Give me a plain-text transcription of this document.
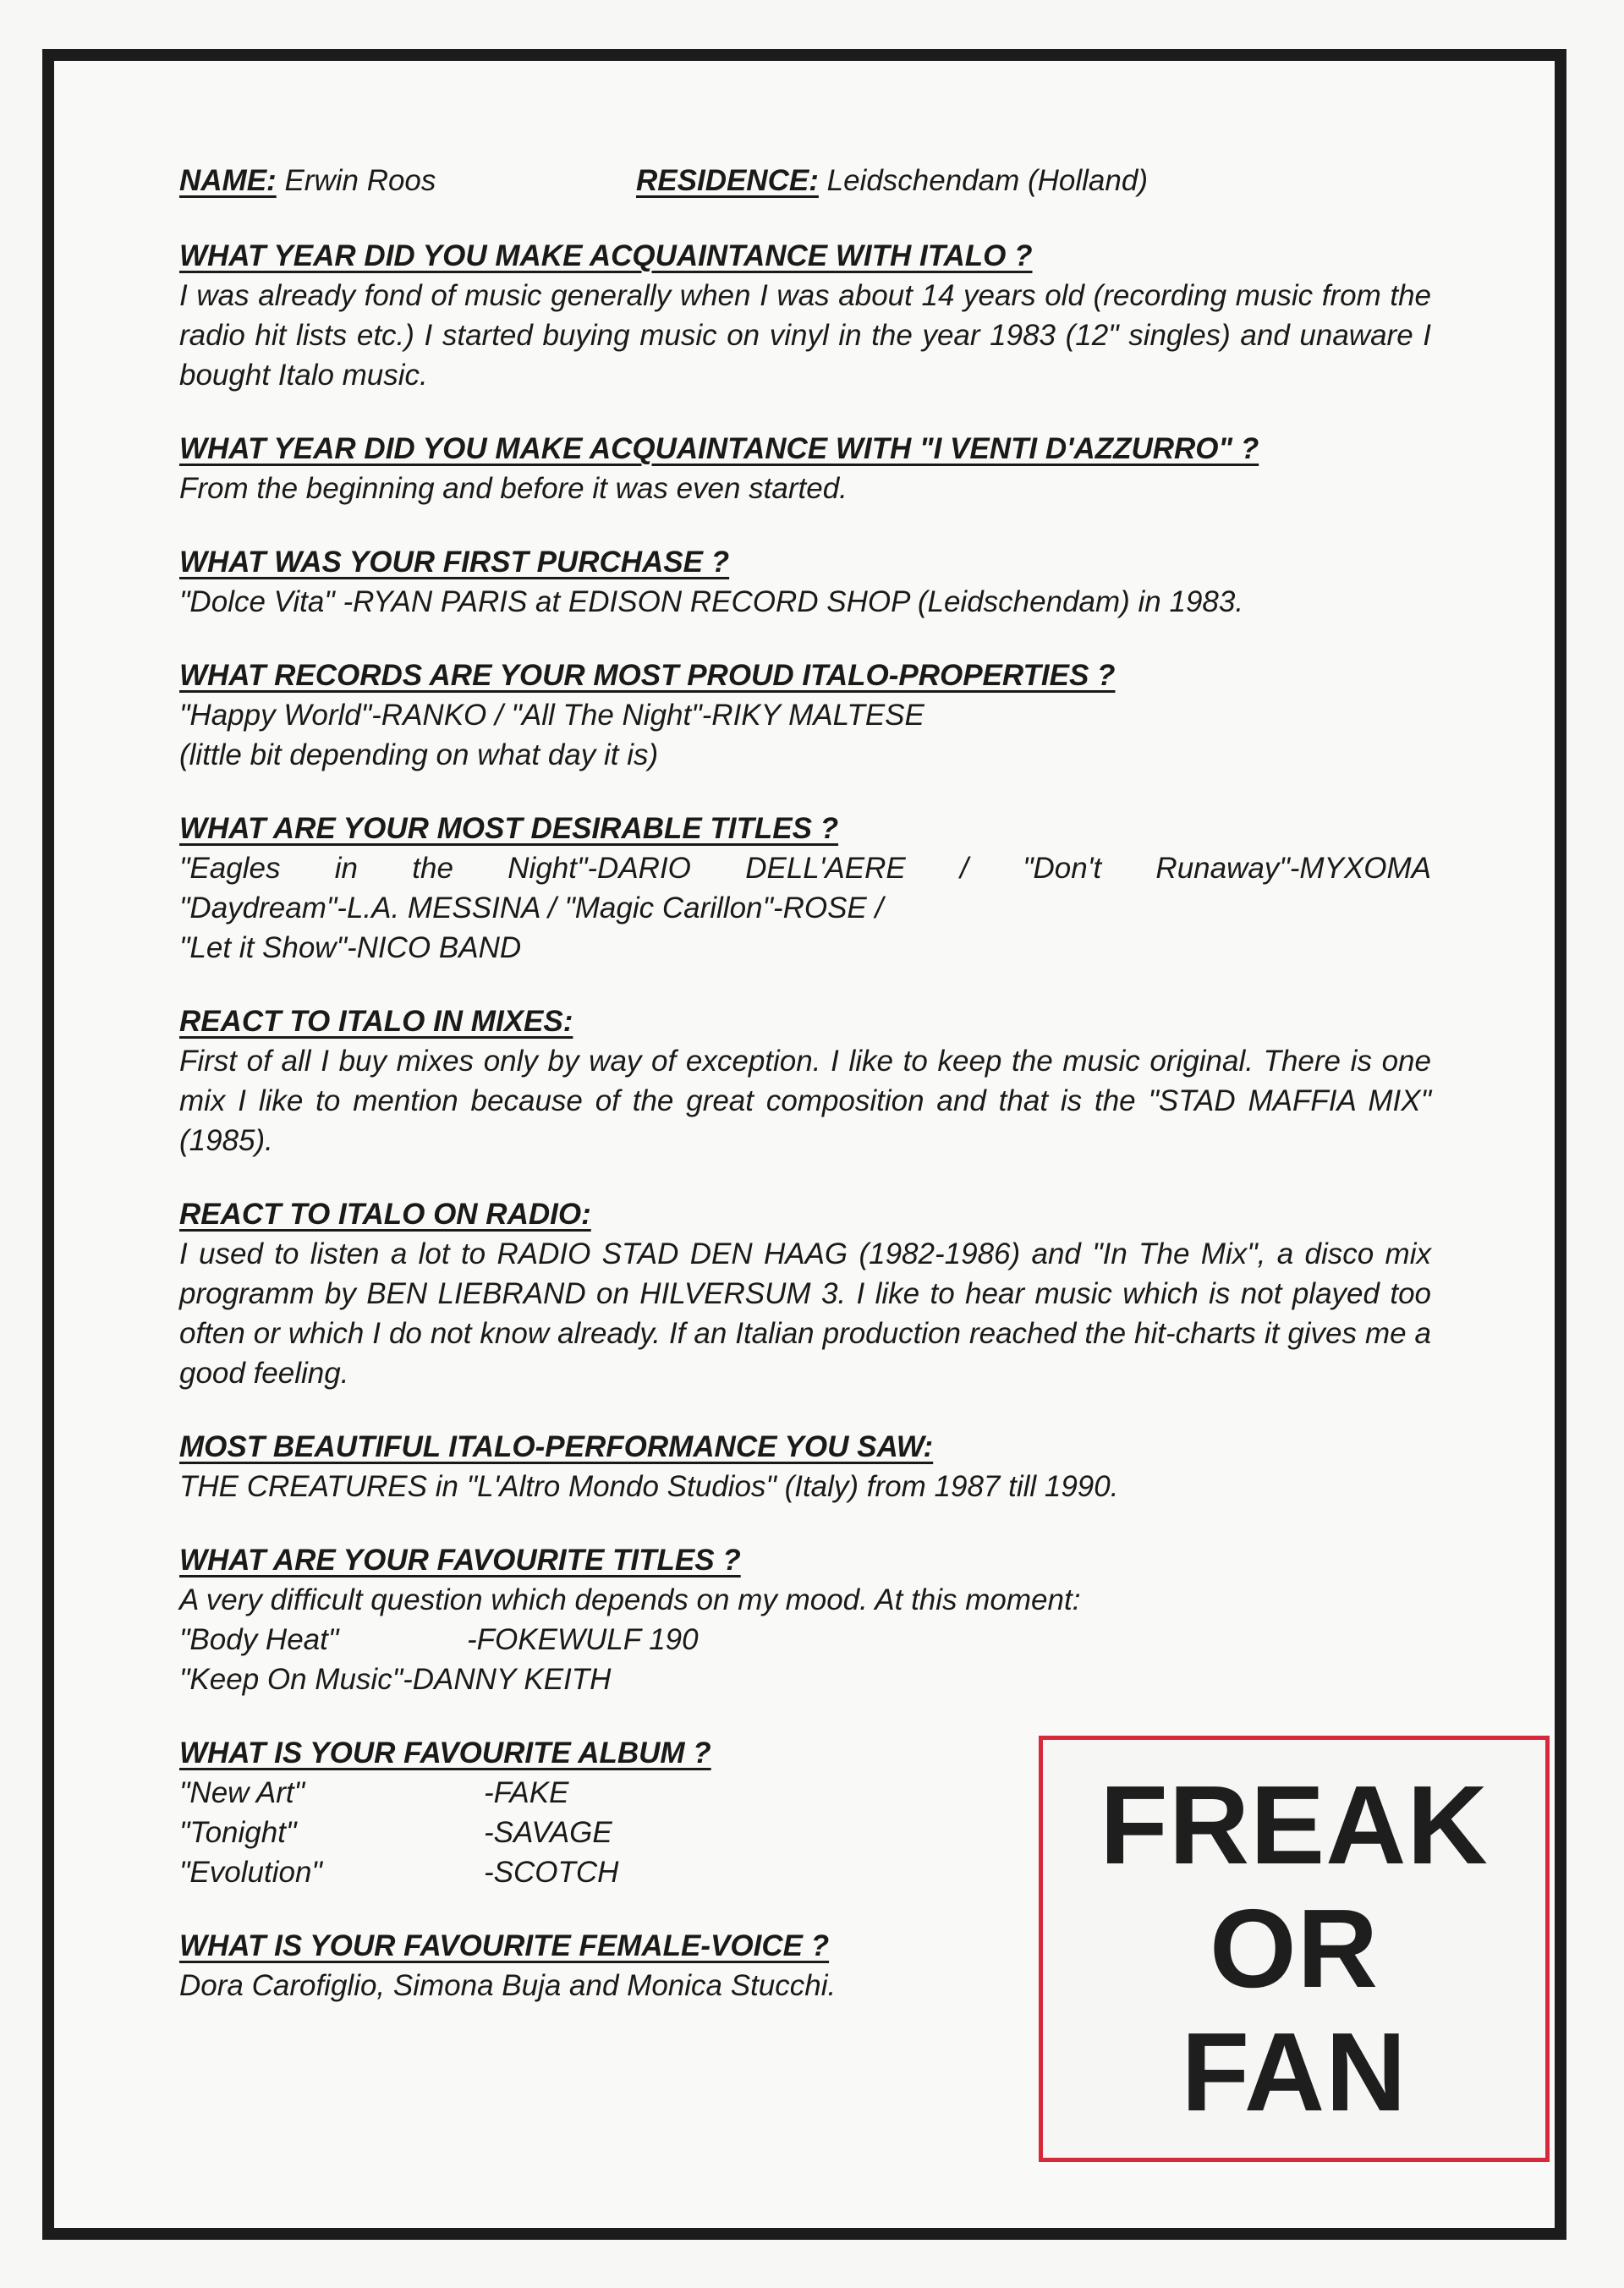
NAME: Erwin Roos	RESIDENCE: Leidschendam (Holland)

WHAT YEAR DID YOU MAKE ACQUAINTANCE WITH ITALO ?

I was already fond of music generally when I was about 14 years old (recording music from the radio hit lists etc.) I started buying music on vinyl in the year 1983 (12" singles) and unaware I bought Italo music.

WHAT YEAR DID YOU MAKE ACQUAINTANCE WITH "I VENTI D'AZZURRO" ?

From the beginning and before it was even started.

WHAT WAS YOUR FIRST PURCHASE ?

"Dolce Vita" -RYAN PARIS at EDISON RECORD SHOP (Leidschendam) in 1983.

WHAT RECORDS ARE YOUR MOST PROUD ITALO-PROPERTIES ?

"Happy World"-RANKO / "All The Night"-RIKY MALTESE

(little bit depending on what day it is)

WHAT ARE YOUR MOST DESIRABLE TITLES ?

"Eagles in the Night"-DARIO DELL'AERE / "Don't Runaway"-MYXOMA

"Daydream"-L.A. MESSINA / "Magic Carillon"-ROSE /

"Let it Show"-NICO BAND

REACT TO ITALO IN MIXES:

First of all I buy mixes only by way of exception. I like to keep the music original. There is one mix I like to mention because of the great composition and that is the "STAD MAFFIA MIX" (1985).

REACT TO ITALO ON RADIO:

I used to listen a lot to RADIO STAD DEN HAAG (1982-1986) and "In The Mix", a disco mix programm by BEN LIEBRAND on HILVERSUM 3. I like to hear music which is not played too often or which I do not know already. If an Italian production reached the hit-charts it gives me a good feeling.

MOST BEAUTIFUL ITALO-PERFORMANCE YOU SAW:

THE CREATURES in "L'Altro Mondo Studios" (Italy) from 1987 till 1990.

WHAT ARE YOUR FAVOURITE TITLES ?

A very difficult question which depends on my mood. At this moment:

"Body Heat"	-FOKEWULF 190
"Keep On Music" -DANNY KEITH

WHAT IS YOUR FAVOURITE ALBUM ?

"New Art"	-FAKE
"Tonight"	-SAVAGE
"Evolution"	-SCOTCH

WHAT IS YOUR FAVOURITE FEMALE-VOICE ?

Dora Carofiglio, Simona Buja and Monica Stucchi.

FREAK
OR
FAN
